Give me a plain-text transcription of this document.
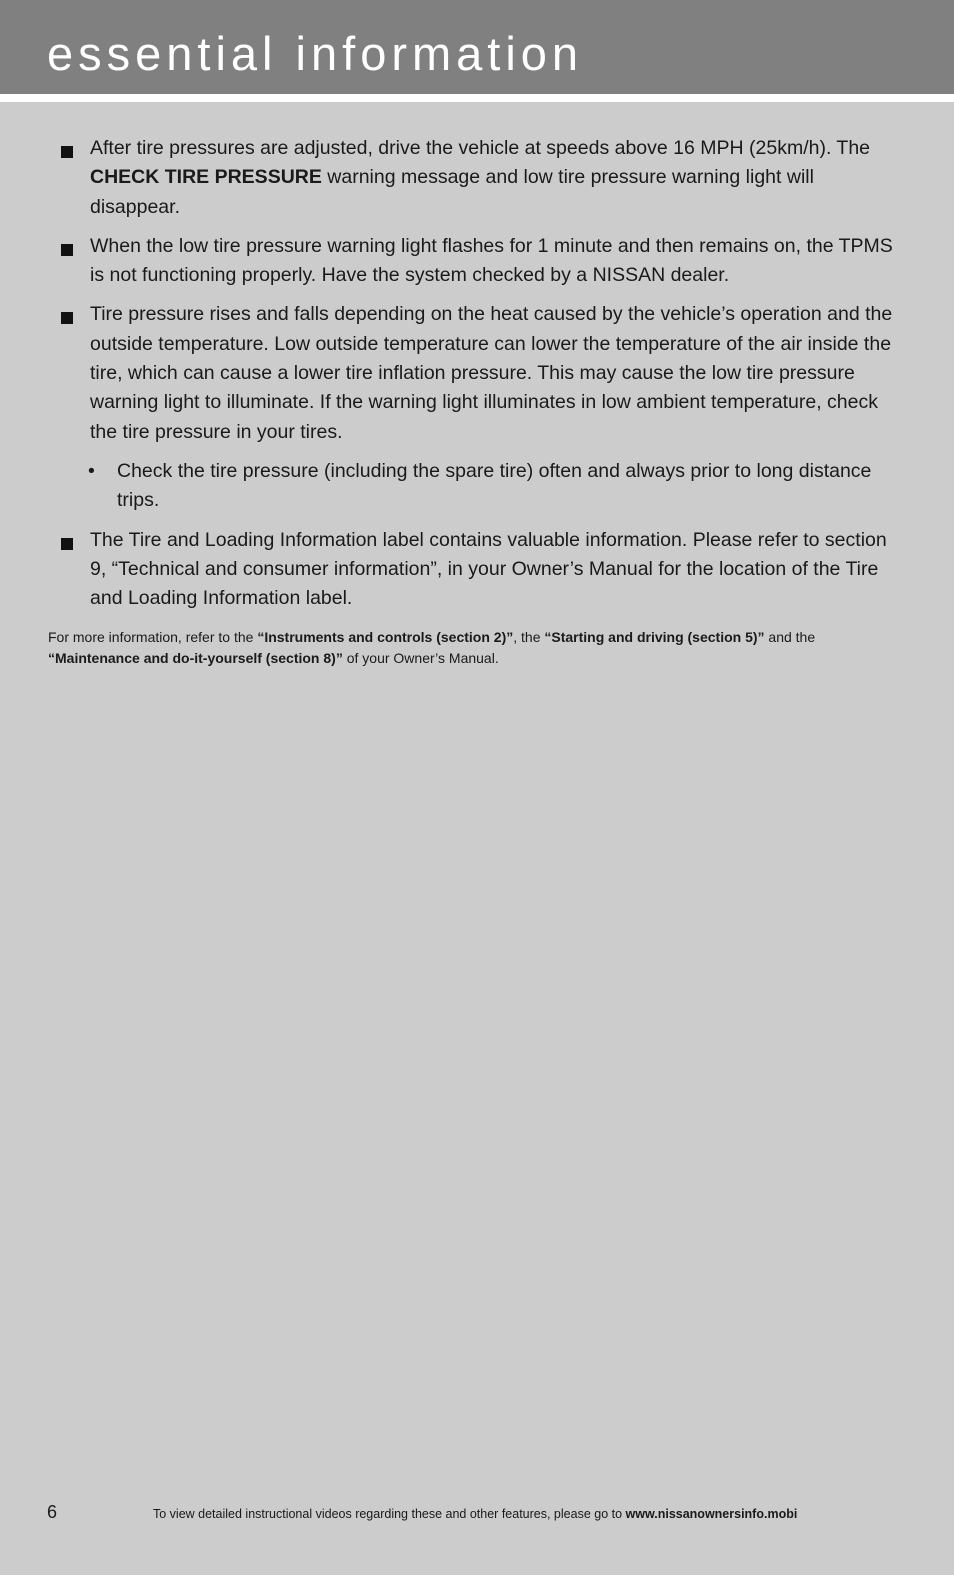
essential information
After tire pressures are adjusted, drive the vehicle at speeds above 16 MPH (25km/h). The CHECK TIRE PRESSURE warning message and low tire pressure warning light will disappear.
When the low tire pressure warning light flashes for 1 minute and then remains on, the TPMS is not functioning properly. Have the system checked by a NISSAN dealer.
Tire pressure rises and falls depending on the heat caused by the vehicle’s operation and the outside temperature. Low outside temperature can lower the temperature of the air inside the tire, which can cause a lower tire inflation pressure. This may cause the low tire pressure warning light to illuminate. If the warning light illuminates in low ambient temperature, check the tire pressure in your tires.
• Check the tire pressure (including the spare tire) often and always prior to long distance trips.
The Tire and Loading Information label contains valuable information. Please refer to section 9, “Technical and consumer information”, in your Owner’s Manual for the location of the Tire and Loading Information label.

For more information, refer to the “Instruments and controls (section 2)”, the “Starting and driving (section 5)” and the “Maintenance and do-it-yourself (section 8)” of your Owner’s Manual.

6	To view detailed instructional videos regarding these and other features, please go to www.nissanownersinfo.mobi
